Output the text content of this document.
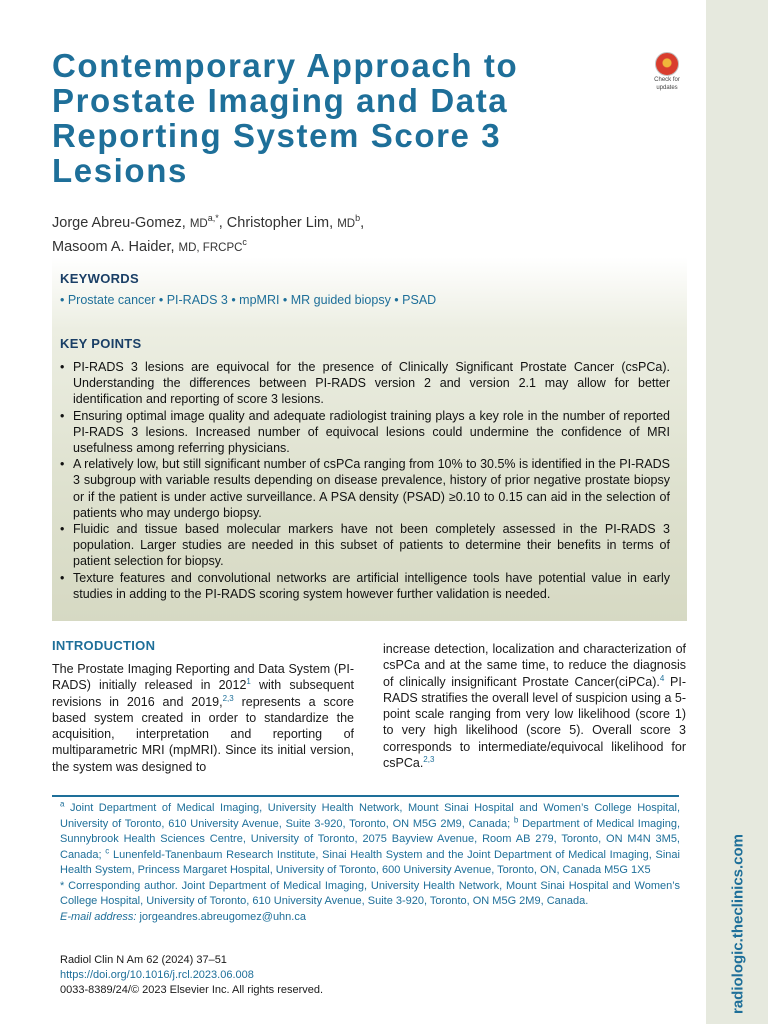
radiologic.theclinics.com
Contemporary Approach to
Prostate Imaging and Data
Reporting System Score 3
Lesions
Check for
updates
Jorge Abreu-Gomez, $MD^{a,*}$, Christopher Lim, $MD^b$,
Masoom A. Haider, MD, FRCPC$^c$
KEYWORDS
• Prostate cancer • PI-RADS 3 • mpMRI • MR guided biopsy • PSAD
KEY POINTS
• PI-RADS 3 lesions are equivocal for the presence of Clinically Significant Prostate Cancer (csPCa). Understanding the differences between PI-RADS version 2 and version 2.1 may allow for better identification and reporting of score 3 lesions.
• Ensuring optimal image quality and adequate radiologist training plays a key role in the number of reported PI-RADS 3 lesions. Increased number of equivocal lesions could undermine the confidence of MRI usefulness among referring physicians.
• A relatively low, but still significant number of csPCa ranging from 10% to 30.5% is identified in the PI-RADS 3 subgroup with variable results depending on disease prevalence, history of prior negative prostate biopsy or if the patient is under active surveillance. A PSA density (PSAD) ≥0.10 to 0.15 can aid in the selection of patients who may undergo biopsy.
• Fluidic and tissue based molecular markers have not been completely assessed in the PI-RADS 3 population. Larger studies are needed in this subset of patients to determine their benefits in terms of patient selection for biopsy.
• Texture features and convolutional networks are artificial intelligence tools have potential value in early studies in adding to the PI-RADS scoring system however further validation is needed.
INTRODUCTION

The Prostate Imaging Reporting and Data System (PI-RADS) initially released in 2012$^1$ with subsequent revisions in 2016 and 2019,$^{2,3}$ represents a score based system created in order to standardize the acquisition, interpretation and reporting of multiparametric MRI (mpMRI). Since its initial version, the system was designed to

increase detection, localization and characterization of csPCa and at the same time, to reduce the diagnosis of clinically insignificant Prostate Cancer(ciPCa).$^4$ PI-RADS stratifies the overall level of suspicion using a 5-point scale ranging from very low likelihood (score 1) to very high likelihood (score 5). Overall score 3 corresponds to intermediate/equivocal likelihood for csPCa.$^{2,3}$

$^a$ Joint Department of Medical Imaging, University Health Network, Mount Sinai Hospital and Women’s College Hospital, University of Toronto, 610 University Avenue, Suite 3-920, Toronto, ON M5G 2M9, Canada; $^b$ Department of Medical Imaging, Sunnybrook Health Sciences Centre, University of Toronto, 2075 Bayview Avenue, Room AB 279, Toronto, ON M4N 3M5, Canada; $^c$ Lunenfeld-Tanenbaum Research Institute, Sinai Health System and the Joint Department of Medical Imaging, Sinai Health System, Princess Margaret Hospital, University of Toronto, 600 University Avenue, Toronto, ON, Canada M5G 1X5

* Corresponding author. Joint Department of Medical Imaging, University Health Network, Mount Sinai Hospital and Women’s College Hospital, University of Toronto, 610 University Avenue, Suite 3-920, Toronto, ON M5G 2M9, Canada.

E-mail address: jorgeandres.abreugomez@uhn.ca

Radiol Clin N Am 62 (2024) 37–51
https://doi.org/10.1016/j.rcl.2023.06.008
0033-8389/24/© 2023 Elsevier Inc. All rights reserved.
